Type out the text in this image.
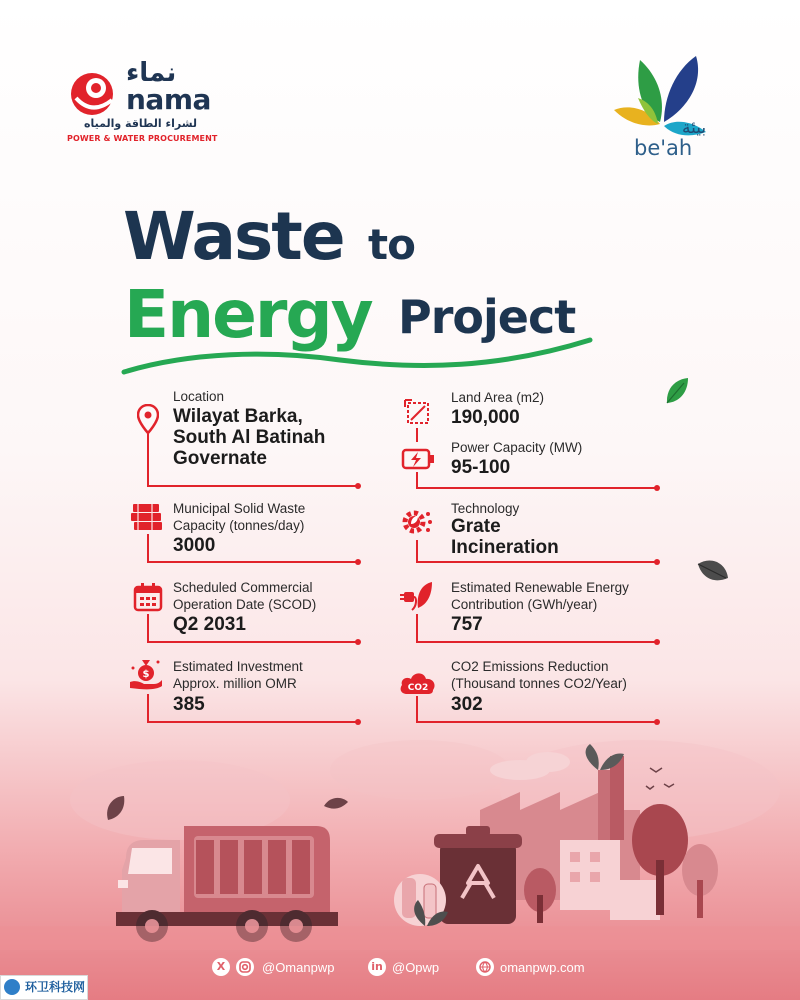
نماء
nama
لشراء الطاقة والمياه
POWER & WATER PROCUREMENT
بيئة
be'ah
Waste to
Energy Project
Location
Wilayat Barka,
South Al Batinah
Governate
Municipal Solid Waste
Capacity (tonnes/day)
3000
Scheduled Commercial
Operation Date (SCOD)
Q2 2031
$
Estimated Investment
Approx. million OMR
385
Land Area (m2)
190,000
Power Capacity (MW)
95-100
Technology
Grate
Incineration
Estimated Renewable Energy
Contribution (GWh/year)
757
CO2
CO2 Emissions Reduction
(Thousand tonnes CO2/Year)
302
X	@Omanpwp	in @Opwp	omanpwp.com
环卫科技网
